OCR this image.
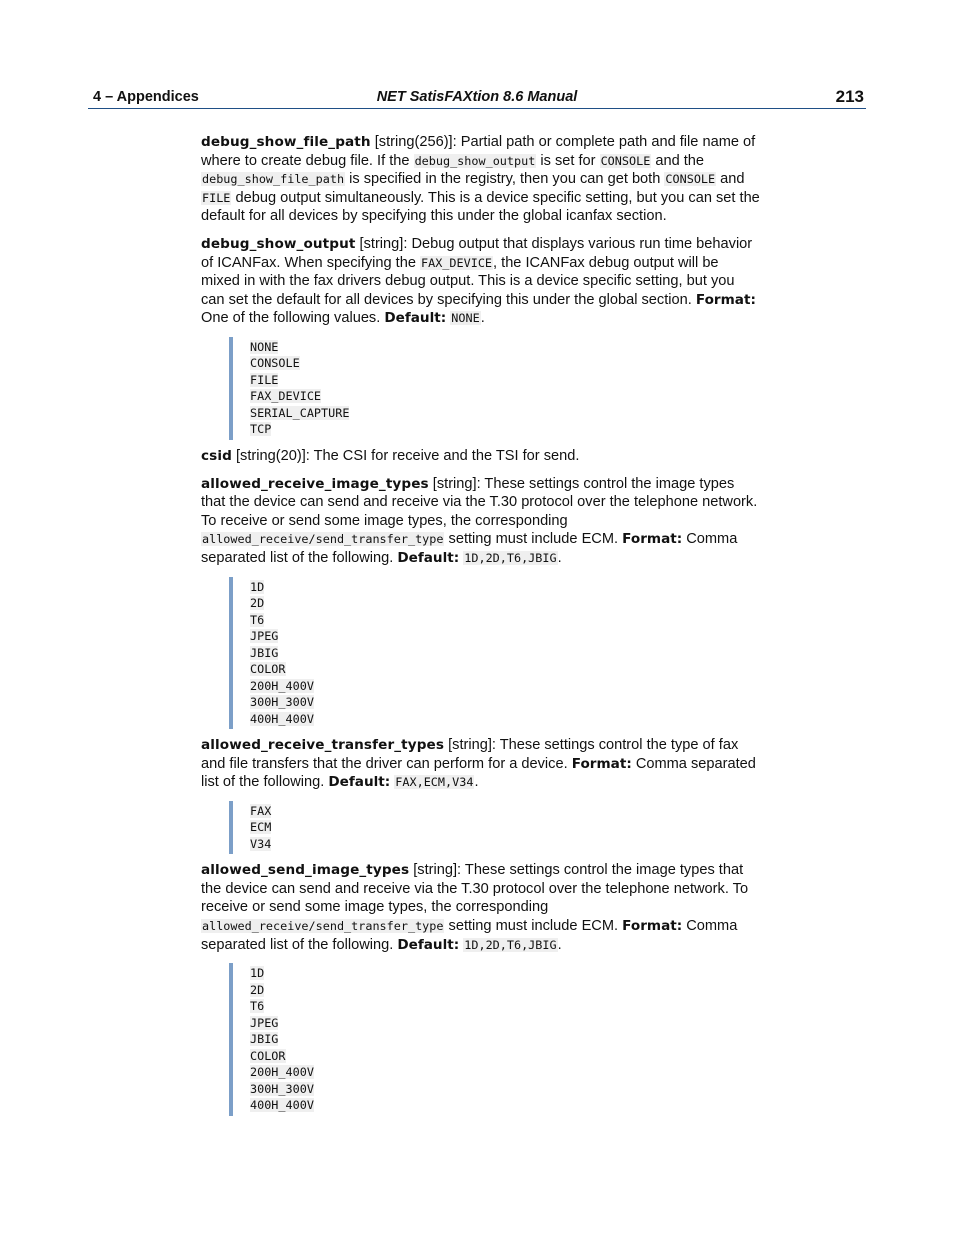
4 – Appendices	NET SatisFAXtion 8.6 Manual	213

debug_show_file_path [string(256)]: Partial path or complete path and file name of where to create debug file. If the debug_show_output is set for CONSOLE and the debug_show_file_path is specified in the registry, then you can get both CONSOLE and FILE debug output simultaneously. This is a device specific setting, but you can set the default for all devices by specifying this under the global icanfax section.

debug_show_output [string]: Debug output that displays various run time behavior of ICANFax. When specifying the FAX_DEVICE, the ICANFax debug output will be mixed in with the fax drivers debug output. This is a device specific setting, but you can set the default for all devices by specifying this under the global section. Format: One of the following values. Default: NONE.

NONE
CONSOLE
FILE
FAX_DEVICE
SERIAL_CAPTURE
TCP

csid [string(20)]: The CSI for receive and the TSI for send.

allowed_receive_image_types [string]: These settings control the image types that the device can send and receive via the T.30 protocol over the telephone network. To receive or send some image types, the corresponding allowed_receive/send_transfer_type setting must include ECM. Format: Comma separated list of the following. Default: 1D,2D,T6,JBIG.

1D
2D
T6
JPEG
JBIG
COLOR
200H_400V
300H_300V
400H_400V

allowed_receive_transfer_types [string]: These settings control the type of fax and file transfers that the driver can perform for a device. Format: Comma separated list of the following. Default: FAX,ECM,V34.

FAX
ECM
V34

allowed_send_image_types [string]: These settings control the image types that the device can send and receive via the T.30 protocol over the telephone network. To receive or send some image types, the corresponding allowed_receive/send_transfer_type setting must include ECM. Format: Comma separated list of the following. Default: 1D,2D,T6,JBIG.

1D
2D
T6
JPEG
JBIG
COLOR
200H_400V
300H_300V
400H_400V
